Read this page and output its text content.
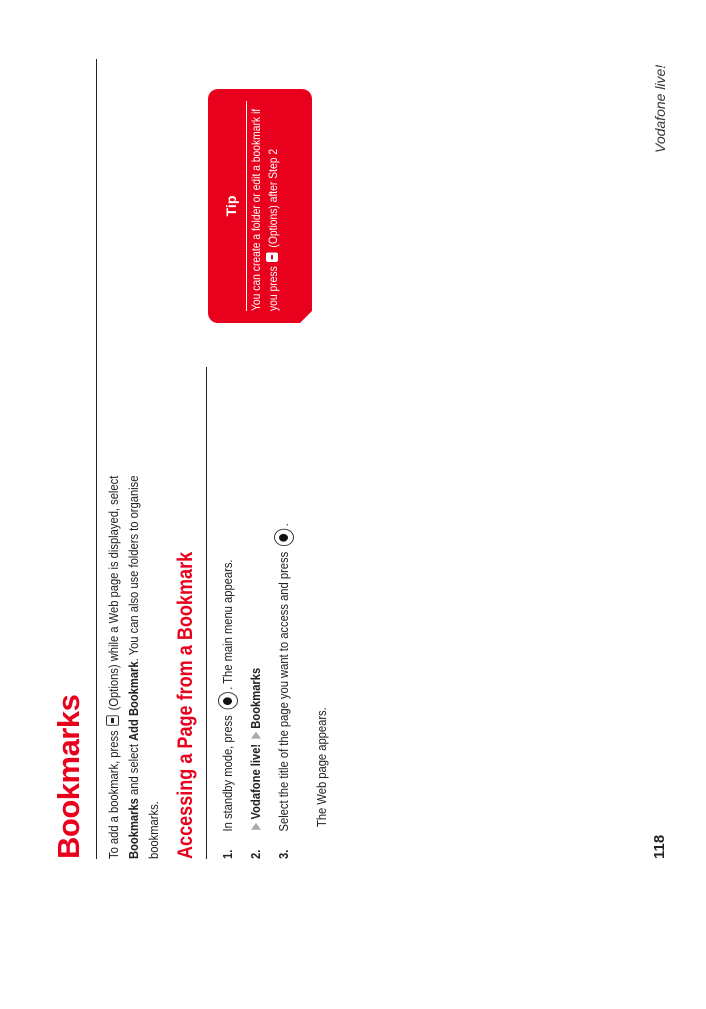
Bookmarks To add a bookmark, press  (Options) while a Web page is displayed, select Bookmarks and select Add Bookmark. You can also use folders to organise bookmarks. Accessing a Page from a Bookmark	1.
In standby mode, press . The main menu appears.
2.
Vodafone live! Bookmarks
3.
Select the title of the page you want to access and press .

The Web page appears.

Tip You can create a folder or edit a bookmark if you press  (Options) after Step 2

118

Vodafone live!
